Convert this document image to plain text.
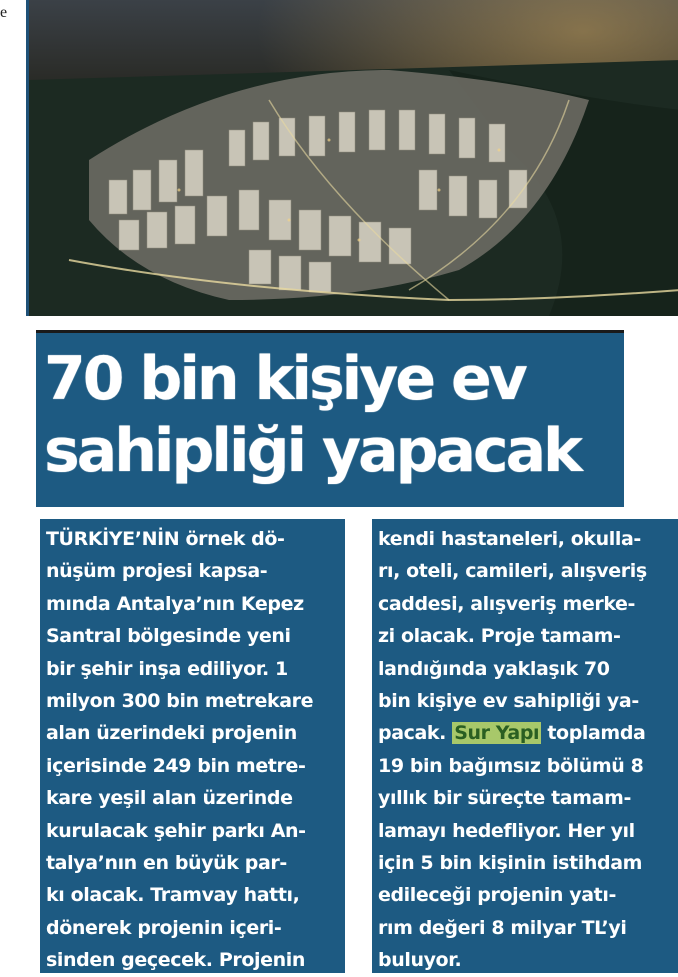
e
70 bin kişiye ev
sahipliği yapacak
TÜRKİYE’NİN örnek dö-
nüşüm projesi kapsa-
mında Antalya’nın Kepez
Santral bölgesinde yeni
bir şehir inşa ediliyor. 1
milyon 300 bin metrekare
alan üzerindeki projenin
içerisinde 249 bin metre-
kare yeşil alan üzerinde
kurulacak şehir parkı An-
talya’nın en büyük par-
kı olacak. Tramvay hattı,
dönerek projenin içeri-
sinden geçecek. Projenin
kendi hastaneleri, okulla-
rı, oteli, camileri, alışveriş
caddesi, alışveriş merke-
zi olacak. Proje tamam-
landığında yaklaşık 70
bin kişiye ev sahipliği ya-
pacak. Sur Yapı toplamda
19 bin bağımsız bölümü 8
yıllık bir süreçte tamam-
lamayı hedefliyor. Her yıl
için 5 bin kişinin istihdam
edileceği projenin yatı-
rım değeri 8 milyar TL’yi
buluyor.
